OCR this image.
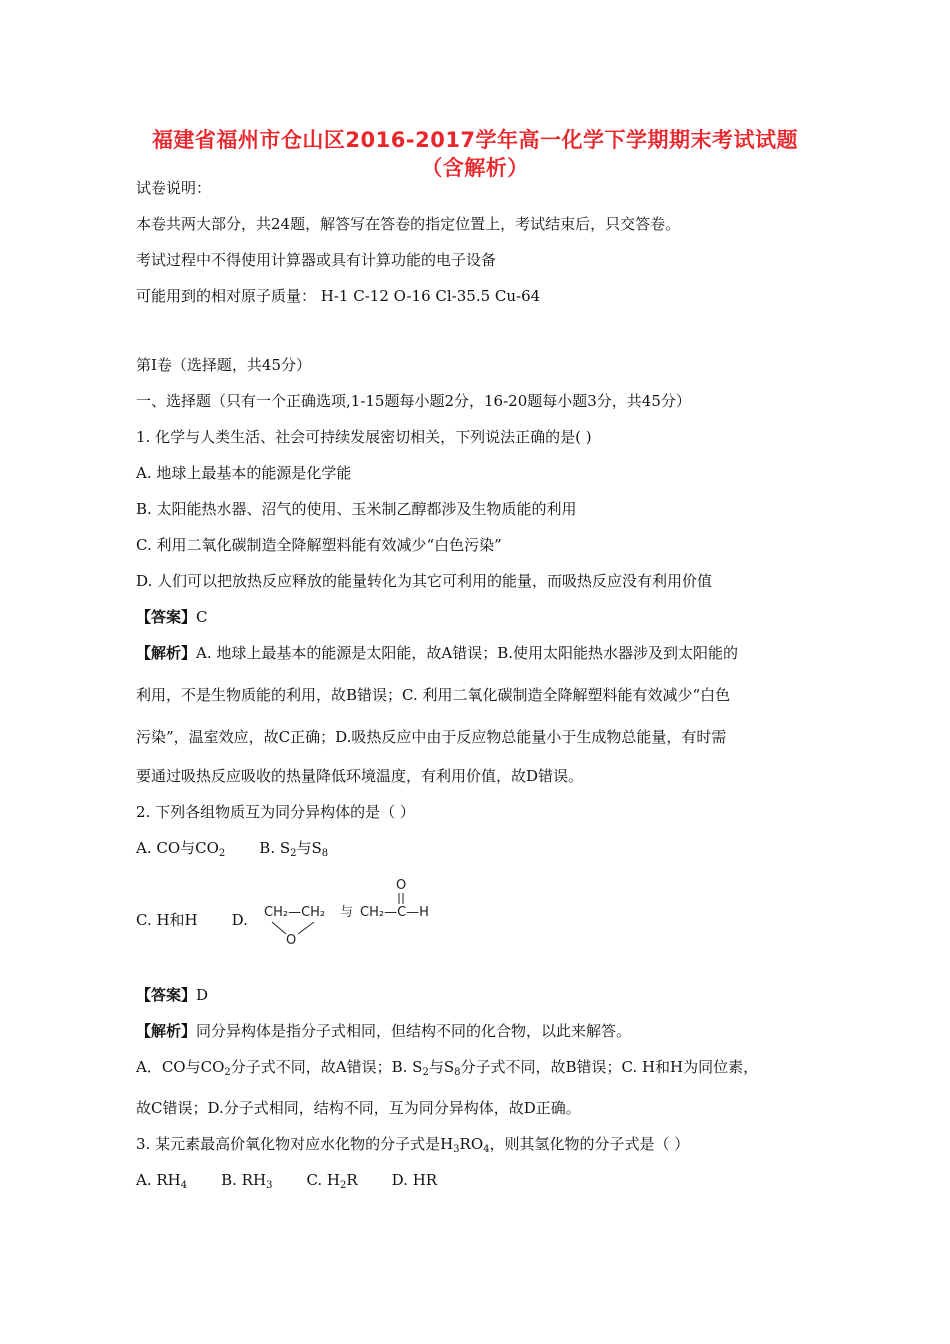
福建省福州市仓山区2016-2017学年高一化学下学期期末考试试题
（含解析）
试卷说明：
本卷共两大部分，共24题，解答写在答卷的指定位置上，考试结束后，只交答卷。
考试过程中不得使用计算器或具有计算功能的电子设备
可能用到的相对原子质量： H-1 C-12 O-16 Cl-35.5 Cu-64
第I卷（选择题，共45分）
一、选择题（只有一个正确选项,1-15题每小题2分，16-20题每小题3分，共45分）
1. 化学与人类生活、社会可持续发展密切相关，下列说法正确的是( )
A. 地球上最基本的能源是化学能
B. 太阳能热水器、沼气的使用、玉米制乙醇都涉及生物质能的利用
C. 利用二氧化碳制造全降解塑料能有效减少“白色污染”
D. 人们可以把放热反应释放的能量转化为其它可利用的能量，而吸热反应没有利用价值
【答案】C
【解析】A. 地球上最基本的能源是太阳能，故A错误；B.使用太阳能热水器涉及到太阳能的
利用，不是生物质能的利用，故B错误；C. 利用二氧化碳制造全降解塑料能有效减少“白色
污染”，温室效应，故C正确；D.吸热反应中由于反应物总能量小于生成物总能量，有时需
要通过吸热反应吸收的热量降低环境温度，有利用价值，故D错误。
2. 下列各组物质互为同分异构体的是（ ）
A. CO与$CO_2$ B. $S_2$与$S_8$
C. H和H D. CH₂—CH₂
O
与 CH₂—C—H
O
【答案】D
【解析】同分异构体是指分子式相同，但结构不同的化合物，以此来解答。
A．CO与$CO_2$分子式不同，故A错误；B. $S_2$与$S_8$分子式不同，故B错误；C. H和H为同位素，
故C错误；D.分子式相同，结构不同，互为同分异构体，故D正确。
3. 某元素最高价氧化物对应水化物的分子式是$H_3RO_4$，则其氢化物的分子式是（ ）
A. $RH_4$ B. $RH_3$ C. $H_2R$ D. HR
